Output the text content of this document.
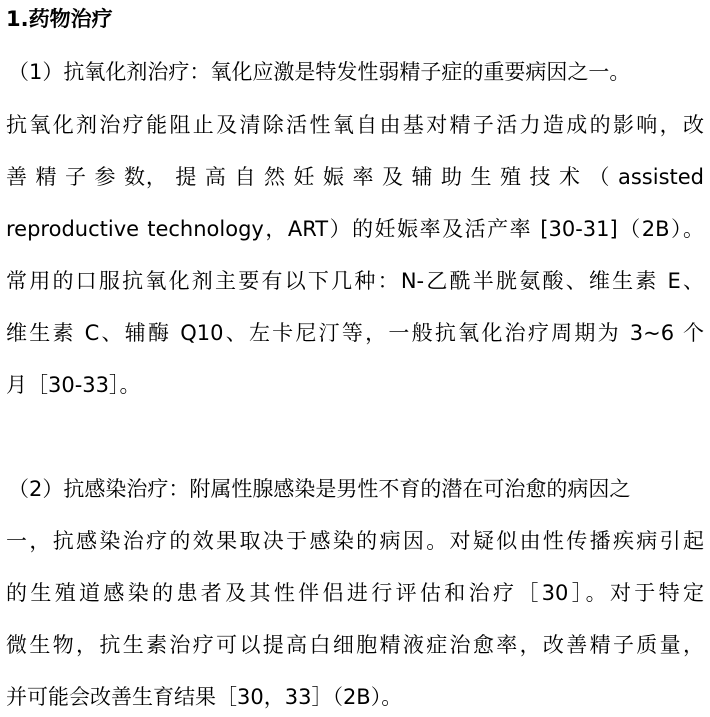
1.药物治疗
（1）抗氧化剂治疗：氧化应激是特发性弱精子症的重要病因之一。
抗氧化剂治疗能阻止及清除活性氧自由基对精子活力造成的影响，改
善 精 子 参 数， 提 高 自 然 妊 娠 率 及 辅 助 生 殖 技 术 （ assisted
reproductive technology，ART）的妊娠率及活产率 [30-31]（2B）。
常用的口服抗氧化剂主要有以下几种：N-乙酰半胱氨酸、维生素 E、
维生素 C、辅酶 Q10、左卡尼汀等，一般抗氧化治疗周期为 3~6 个
月［30-33］。
（2）抗感染治疗：附属性腺感染是男性不育的潜在可治愈的病因之
一，抗感染治疗的效果取决于感染的病因。对疑似由性传播疾病引起
的生殖道感染的患者及其性伴侣进行评估和治疗［30］。对于特定
微生物，抗生素治疗可以提高白细胞精液症治愈率，改善精子质量，
并可能会改善生育结果［30，33］（2B）。
